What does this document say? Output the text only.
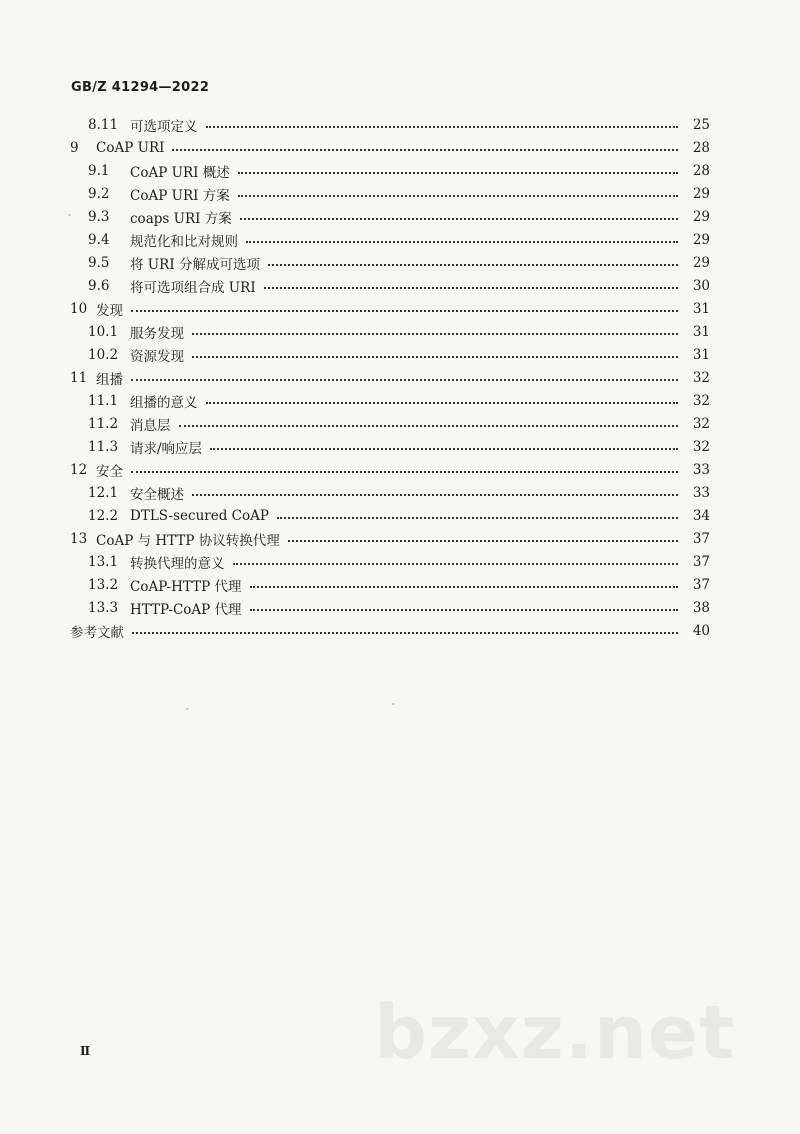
GB/Z 41294—2022
8.11 可选项定义	25
9	CoAP URI	28
9.1	CoAP URI 概述	28
9.2	CoAP URI 方案	29
9.3	coaps URI 方案	29
9.4	规范化和比对规则	29
9.5	将 URI 分解成可选项	29
9.6	将可选项组合成 URI	30
10 发现	31
10.1 服务发现	31
10.2 资源发现	31
11 组播	32
11.1 组播的意义	32
11.2 消息层	32
11.3 请求/响应层	32
12 安全	33
12.1 安全概述	33
12.2 DTLS-secured CoAP	34
13 CoAP 与 HTTP 协议转换代理	37
13.1 转换代理的意义	37
13.2 CoAP-HTTP 代理	37
13.3 HTTP-CoAP 代理	38
参考文献	40
Ⅱ	bzxz.net
